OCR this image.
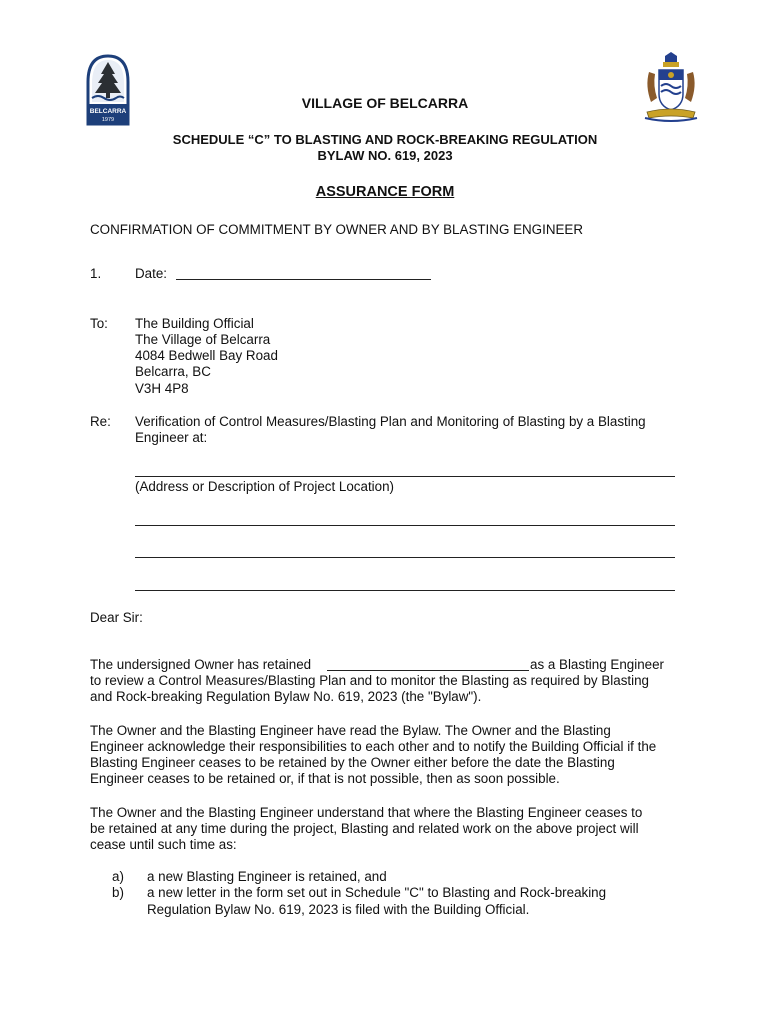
BELCARRA
1979
VILLAGE OF BELCARRA
SCHEDULE “C” TO BLASTING AND ROCK-BREAKING REGULATION
BYLAW NO. 619, 2023
ASSURANCE FORM
CONFIRMATION OF COMMITMENT BY OWNER AND BY BLASTING ENGINEER
1.	Date:
To: The Building Official
The Village of Belcarra
4084 Bedwell Bay Road
Belcarra, BC
V3H 4P8
Re: Verification of Control Measures/Blasting Plan and Monitoring of Blasting by a Blasting
Engineer at:
(Address or Description of Project Location)
Dear Sir:
The undersigned Owner has retained	as a Blasting Engineer
to review a Control Measures/Blasting Plan and to monitor the Blasting as required by Blasting
and Rock-breaking Regulation Bylaw No. 619, 2023 (the "Bylaw").
The Owner and the Blasting Engineer have read the Bylaw. The Owner and the Blasting
Engineer acknowledge their responsibilities to each other and to notify the Building Official if the
Blasting Engineer ceases to be retained by the Owner either before the date the Blasting
Engineer ceases to be retained or, if that is not possible, then as soon possible.
The Owner and the Blasting Engineer understand that where the Blasting Engineer ceases to
be retained at any time during the project, Blasting and related work on the above project will
cease until such time as:
a) a new Blasting Engineer is retained, and
b) a new letter in the form set out in Schedule "C" to Blasting and Rock-breaking
Regulation Bylaw No. 619, 2023 is filed with the Building Official.
